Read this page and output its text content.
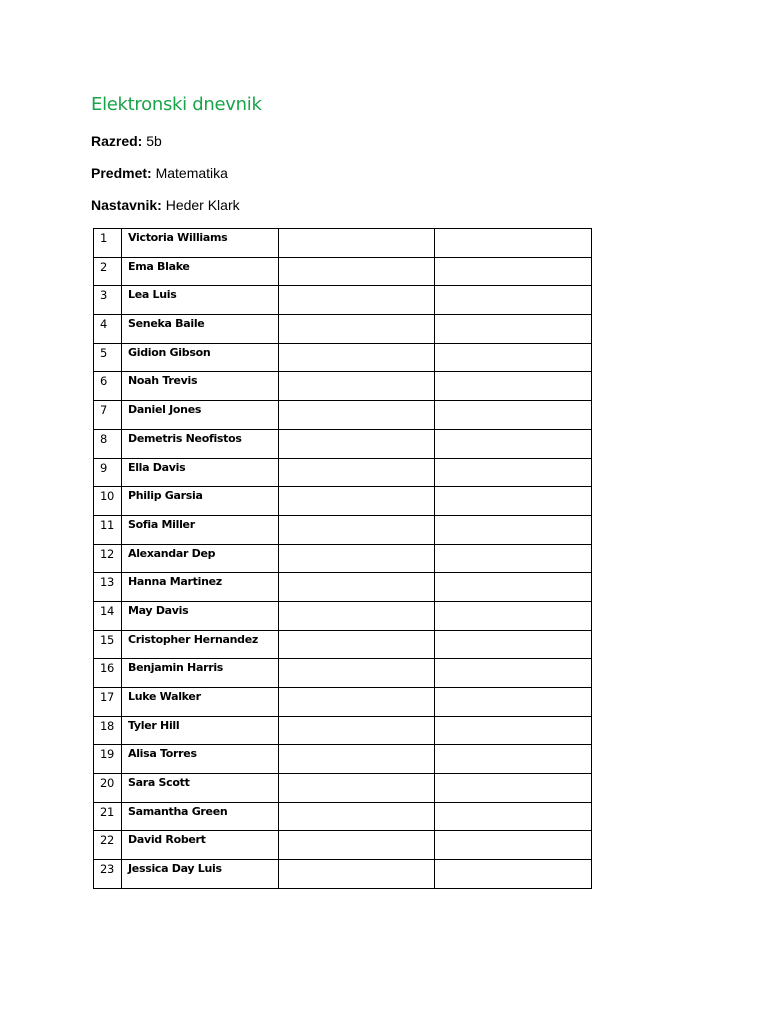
Elektronski dnevnik
Razred: 5b
Predmet: Matematika
Nastavnik: Heder Klark
1	Victoria Williams		
2	Ema Blake		
3	Lea Luis		
4	Seneka Baile		
5	Gidion Gibson		
6	Noah Trevis		
7	Daniel Jones		
8	Demetris Neofistos		
9	Ella Davis		
10	Philip Garsia		
11	Sofia Miller		
12	Alexandar Dep		
13	Hanna Martinez		
14	May Davis		
15	Cristopher Hernandez		
16	Benjamin Harris		
17	Luke Walker		
18	Tyler Hill		
19	Alisa Torres		
20	Sara Scott		
21	Samantha Green		
22	David Robert		
23	Jessica Day Luis		
